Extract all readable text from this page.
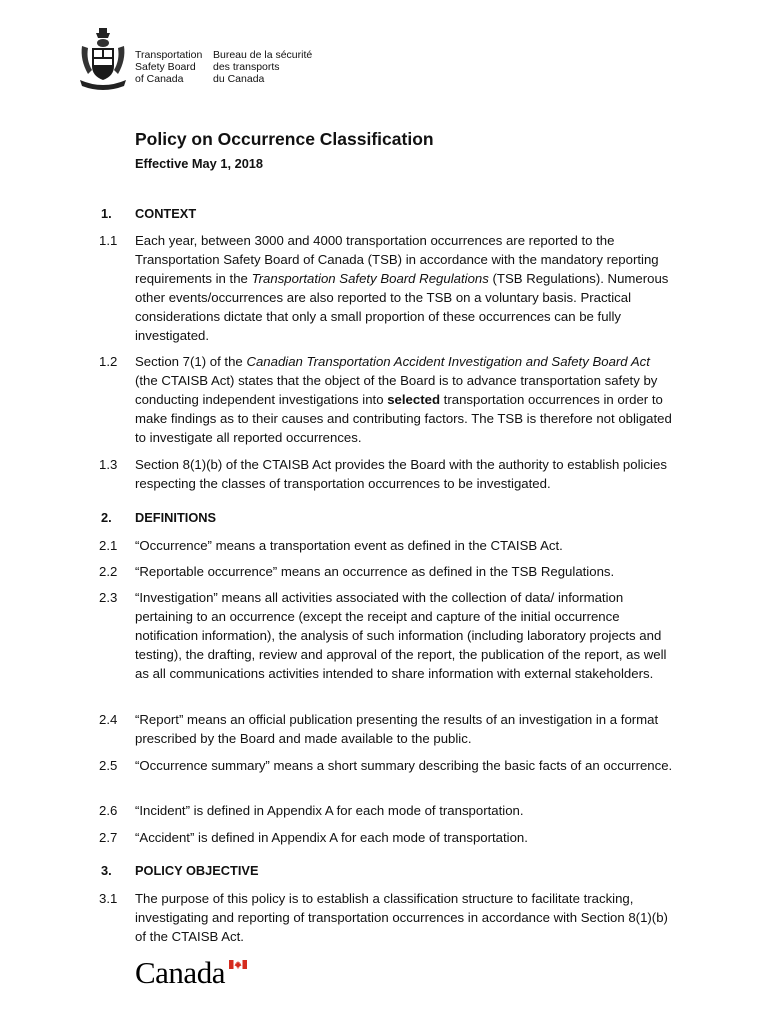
Transportation
Safety Board
of Canada
Bureau de la sécurité
des transports
du Canada
Policy on Occurrence Classification
Effective May 1, 2018
1. CONTEXT
1.1 Each year, between 3000 and 4000 transportation occurrences are reported to the Transportation Safety Board of Canada (TSB) in accordance with the mandatory reporting requirements in the Transportation Safety Board Regulations (TSB Regulations). Numerous other events/occurrences are also reported to the TSB on a voluntary basis. Practical considerations dictate that only a small proportion of these occurrences can be fully investigated.
1.2 Section 7(1) of the Canadian Transportation Accident Investigation and Safety Board Act (the CTAISB Act) states that the object of the Board is to advance transportation safety by conducting independent investigations into selected transportation occurrences in order to make findings as to their causes and contributing factors. The TSB is therefore not obligated to investigate all reported occurrences.
1.3 Section 8(1)(b) of the CTAISB Act provides the Board with the authority to establish policies respecting the classes of transportation occurrences to be investigated.
2. DEFINITIONS
2.1 “Occurrence” means a transportation event as defined in the CTAISB Act.
2.2 “Reportable occurrence” means an occurrence as defined in the TSB Regulations.
2.3 “Investigation” means all activities associated with the collection of data/ information pertaining to an occurrence (except the receipt and capture of the initial occurrence notification information), the analysis of such information (including laboratory projects and testing), the drafting, review and approval of the report, the publication of the report, as well as all communications activities intended to share information with external stakeholders.
2.4 “Report” means an official publication presenting the results of an investigation in a format prescribed by the Board and made available to the public.
2.5 “Occurrence summary” means a short summary describing the basic facts of an occurrence.
2.6 “Incident” is defined in Appendix A for each mode of transportation.
2.7 “Accident” is defined in Appendix A for each mode of transportation.
3. POLICY OBJECTIVE
3.1 The purpose of this policy is to establish a classification structure to facilitate tracking, investigating and reporting of transportation occurrences in accordance with Section 8(1)(b) of the CTAISB Act.
Canada
